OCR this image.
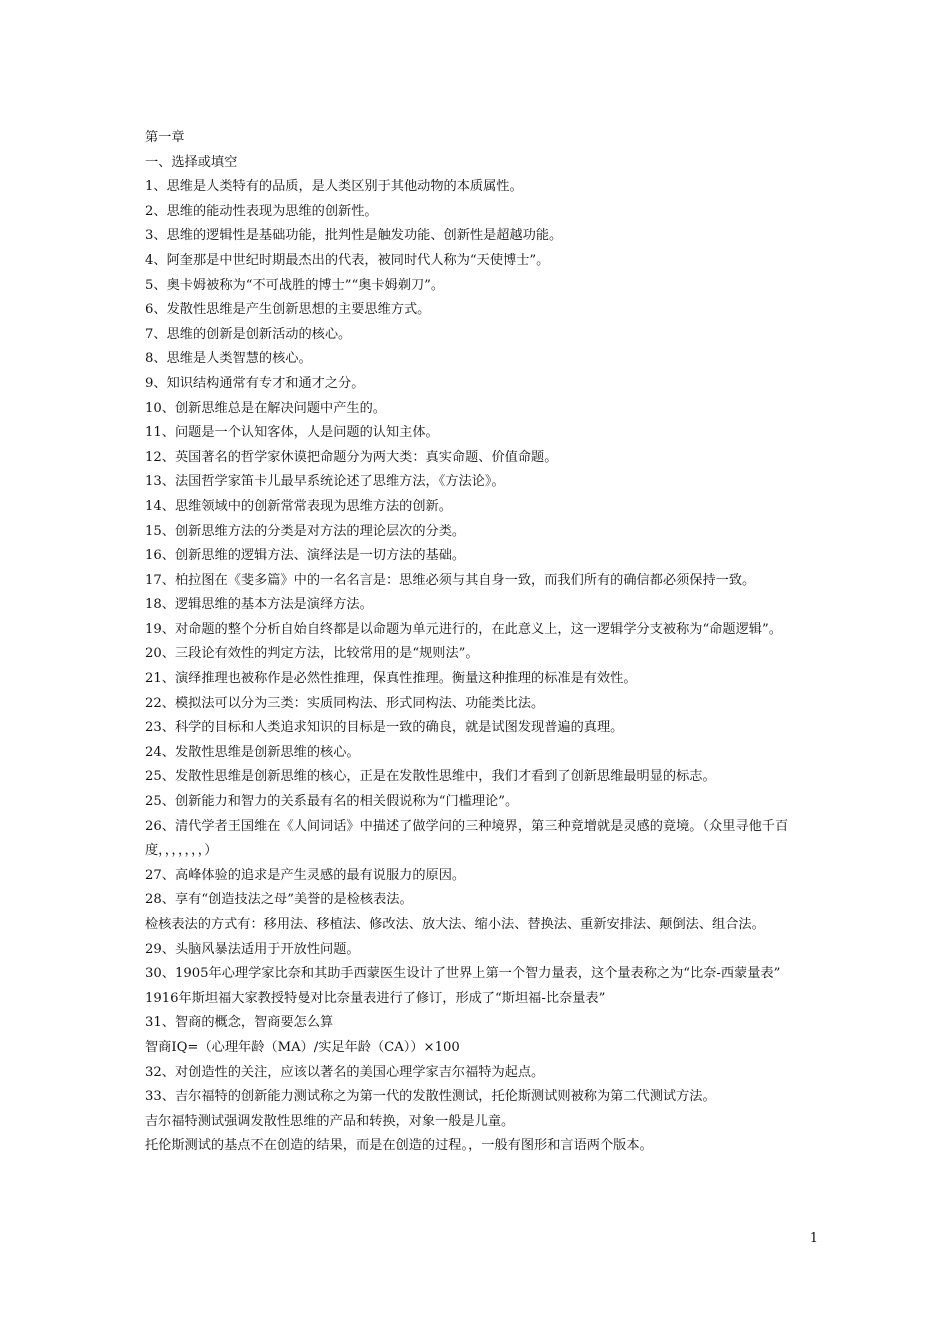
第一章
一、选择或填空
1、思维是人类特有的品质，是人类区别于其他动物的本质属性。
2、思维的能动性表现为思维的创新性。
3、思维的逻辑性是基础功能，批判性是触发功能、创新性是超越功能。
4、阿奎那是中世纪时期最杰出的代表，被同时代人称为“天使博士”。
5、奥卡姆被称为“不可战胜的博士”“奥卡姆剃刀”。
6、发散性思维是产生创新思想的主要思维方式。
7、思维的创新是创新活动的核心。
8、思维是人类智慧的核心。
9、知识结构通常有专才和通才之分。
10、创新思维总是在解决问题中产生的。
11、问题是一个认知客体，人是问题的认知主体。
12、英国著名的哲学家休谟把命题分为两大类：真实命题、价值命题。
13、法国哲学家笛卡儿最早系统论述了思维方法，《方法论》。
14、思维领域中的创新常常表现为思维方法的创新。
15、创新思维方法的分类是对方法的理论层次的分类。
16、创新思维的逻辑方法、演绎法是一切方法的基础。
17、柏拉图在《斐多篇》中的一名名言是：思维必须与其自身一致，而我们所有的确信都必须保持一致。
18、逻辑思维的基本方法是演绎方法。
19、对命题的整个分析自始自终都是以命题为单元进行的，在此意义上，这一逻辑学分支被称为“命题逻辑”。
20、三段论有效性的判定方法，比较常用的是“规则法”。
21、演绎推理也被称作是必然性推理，保真性推理。衡量这种推理的标准是有效性。
22、模拟法可以分为三类：实质同构法、形式同构法、功能类比法。
23、科学的目标和人类追求知识的目标是一致的确良，就是试图发现普遍的真理。
24、发散性思维是创新思维的核心。
25、发散性思维是创新思维的核心，正是在发散性思维中，我们才看到了创新思维最明显的标志。
25、创新能力和智力的关系最有名的相关假说称为“门槛理论”。
26、清代学者王国维在《人间词话》中描述了做学问的三种境界，第三种竟增就是灵感的竟境。（众里寻他千百度，，，，，，，）
27、高峰体验的追求是产生灵感的最有说服力的原因。
28、享有“创造技法之母”美誉的是检核表法。
检核表法的方式有：移用法、移植法、修改法、放大法、缩小法、替换法、重新安排法、颠倒法、组合法。
29、头脑风暴法适用于开放性问题。
30、1905年心理学家比奈和其助手西蒙医生设计了世界上第一个智力量表，这个量表称之为“比奈-西蒙量表”
1916年斯坦福大家教授特曼对比奈量表进行了修订，形成了“斯坦福-比奈量表”
31、智商的概念，智商要怎么算
智商IQ=（心理年龄（MA）/实足年龄（CA））×100
32、对创造性的关注，应该以著名的美国心理学家吉尔福特为起点。
33、吉尔福特的创新能力测试称之为第一代的发散性测试，托伦斯测试则被称为第二代测试方法。
吉尔福特测试强调发散性思维的产品和转换，对象一般是儿童。
托伦斯测试的基点不在创造的结果，而是在创造的过程。，一般有图形和言语两个版本。
1
